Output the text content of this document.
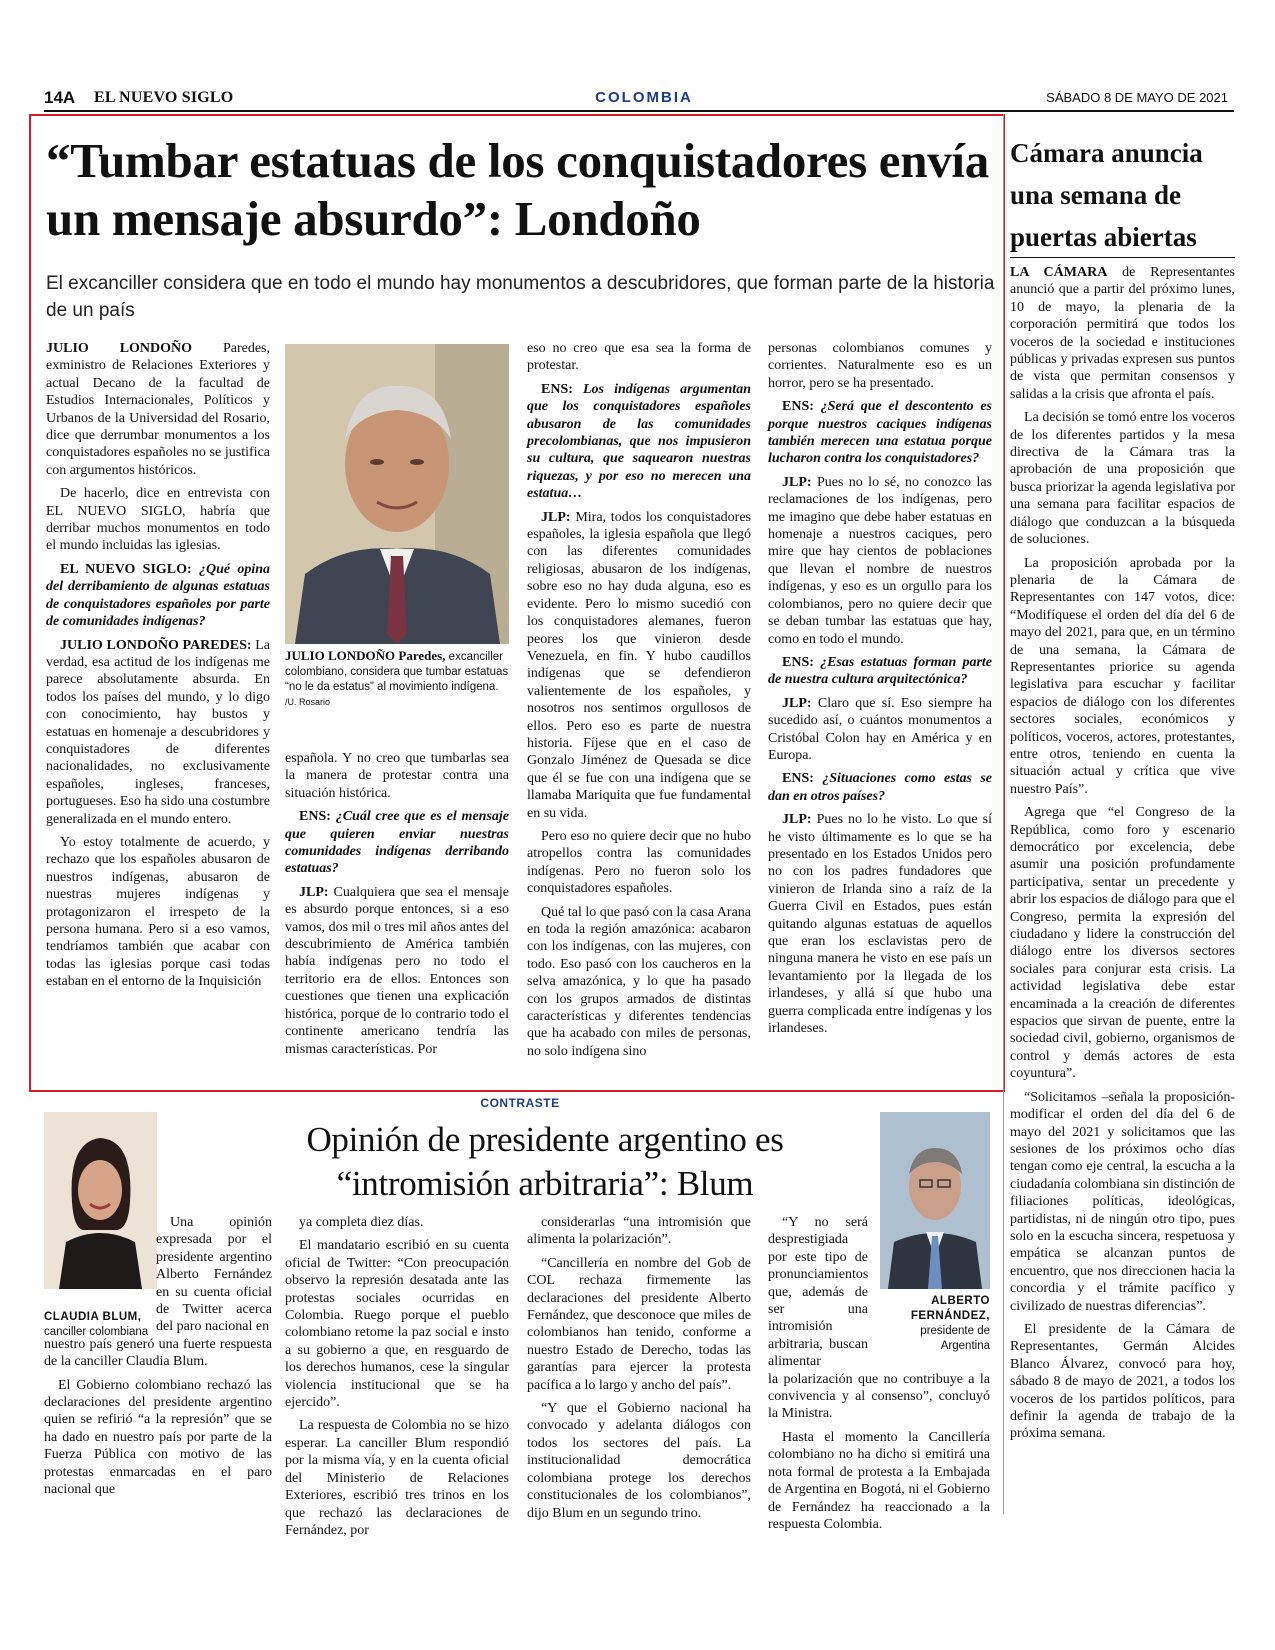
14A EL NUEVO SIGLO	COLOMBIA	SÁBADO 8 DE MAYO DE 2021
“Tumbar estatuas de los conquistadores envía un mensaje absurdo”: Londoño
El excanciller considera que en todo el mundo hay monumentos a descubridores, que forman parte de la historia de un país

JULIO LONDOÑO Paredes, exministro de Relaciones Exteriores y actual Decano de la facultad de Estudios Internacionales, Políticos y Urbanos de la Universidad del Rosario, dice que derrumbar monumentos a los conquistadores españoles no se justifica con argumentos históricos.

De hacerlo, dice en entrevista con EL NUEVO SIGLO, habría que derribar muchos monumentos en todo el mundo incluidas las iglesias.

EL NUEVO SIGLO: ¿Qué opina del derribamiento de algunas estatuas de conquistadores españoles por parte de comunidades indígenas?

JULIO LONDOÑO PAREDES: La verdad, esa actitud de los indígenas me parece absolutamente absurda. En todos los países del mundo, y lo digo con conocimiento, hay bustos y estatuas en homenaje a descubridores y conquistadores de diferentes nacionalidades, no exclusivamente españoles, ingleses, franceses, portugueses. Eso ha sido una costumbre generalizada en el mundo entero.

Yo estoy totalmente de acuerdo, y rechazo que los españoles abusaron de nuestros indígenas, abusaron de nuestras mujeres indígenas y protagonizaron el irrespeto de la persona humana. Pero si a eso vamos, tendríamos también que acabar con todas las iglesias porque casi todas estaban en el entorno de la Inquisición

JULIO LONDOÑO Paredes, excanciller colombiano, considera que tumbar estatuas “no le da estatus” al movimiento indígena. /U. Rosario

española. Y no creo que tumbarlas sea la manera de protestar contra una situación histórica.

ENS: ¿Cuál cree que es el mensaje que quieren enviar nuestras comunidades indígenas derribando estatuas?

JLP: Cualquiera que sea el mensaje es absurdo porque entonces, si a eso vamos, dos mil o tres mil años antes del descubrimiento de América también había indígenas pero no todo el territorio era de ellos. Entonces son cuestiones que tienen una explicación histórica, porque de lo contrario todo el continente americano tendría las mismas características. Por

eso no creo que esa sea la forma de protestar.

ENS: Los indígenas argumentan que los conquistadores españoles abusaron de las comunidades precolombianas, que nos impusieron su cultura, que saquearon nuestras riquezas, y por eso no merecen una estatua…

JLP: Mira, todos los conquistadores españoles, la iglesia española que llegó con las diferentes comunidades religiosas, abusaron de los indígenas, sobre eso no hay duda alguna, eso es evidente. Pero lo mismo sucedió con los conquistadores alemanes, fueron peores los que vinieron desde Venezuela, en fin. Y hubo caudillos indígenas que se defendieron valientemente de los españoles, y nosotros nos sentimos orgullosos de ellos. Pero eso es parte de nuestra historia. Fíjese que en el caso de Gonzalo Jiménez de Quesada se dice que él se fue con una indígena que se llamaba Mariquita que fue fundamental en su vida.

Pero eso no quiere decir que no hubo atropellos contra las comunidades indígenas. Pero no fueron solo los conquistadores españoles.

Qué tal lo que pasó con la casa Arana en toda la región amazónica: acabaron con los indígenas, con las mujeres, con todo. Eso pasó con los caucheros en la selva amazónica, y lo que ha pasado con los grupos armados de distintas características y diferentes tendencias que ha acabado con miles de personas, no solo indígena sino

personas colombianos comunes y corrientes. Naturalmente eso es un horror, pero se ha presentado.

ENS: ¿Será que el descontento es porque nuestros caciques indígenas también merecen una estatua porque lucharon contra los conquistadores?

JLP: Pues no lo sé, no conozco las reclamaciones de los indígenas, pero me imagino que debe haber estatuas en homenaje a nuestros caciques, pero mire que hay cientos de poblaciones que llevan el nombre de nuestros indígenas, y eso es un orgullo para los colombianos, pero no quiere decir que se deban tumbar las estatuas que hay, como en todo el mundo.

ENS: ¿Esas estatuas forman parte de nuestra cultura arquitectónica?

JLP: Claro que sí. Eso siempre ha sucedido así, o cuántos monumentos a Cristóbal Colon hay en América y en Europa.

ENS: ¿Situaciones como estas se dan en otros países?

JLP: Pues no lo he visto. Lo que sí he visto últimamente es lo que se ha presentado en los Estados Unidos pero no con los padres fundadores que vinieron de Irlanda sino a raíz de la Guerra Civil en Estados, pues están quitando algunas estatuas de aquellos que eran los esclavistas pero de ninguna manera he visto en ese país un levantamiento por la llegada de los irlandeses, y allá sí que hubo una guerra complicada entre indígenas y los irlandeses.

CONTRASTE
CLAUDIA BLUM, canciller colombiana
Opinión de presidente argentino es “intromisión arbitraria”: Blum
ALBERTO FERNÁNDEZ,
presidente de Argentina

Una opinión expresada por el presidente argentino Alberto Fernández en su cuenta oficial de Twitter acerca del paro nacional en

nuestro país generó una fuerte respuesta de la canciller Claudia Blum.

El Gobierno colombiano rechazó las declaraciones del presidente argentino quien se refirió “a la represión” que se ha dado en nuestro país por parte de la Fuerza Pública con motivo de las protestas enmarcadas en el paro nacional que

ya completa diez días.

El mandatario escribió en su cuenta oficial de Twitter: “Con preocupación observo la represión desatada ante las protestas sociales ocurridas en Colombia. Ruego porque el pueblo colombiano retome la paz social e insto a su gobierno a que, en resguardo de los derechos humanos, cese la singular violencia institucional que se ha ejercido”.

La respuesta de Colombia no se hizo esperar. La canciller Blum respondió por la misma vía, y en la cuenta oficial del Ministerio de Relaciones Exteriores, escribió tres trinos en los que rechazó las declaraciones de Fernández, por

considerarlas “una intromisión que alimenta la polarización”.

“Cancillería en nombre del Gob de COL rechaza firmemente las declaraciones del presidente Alberto Fernández, que desconoce que miles de colombianos han tenido, conforme a nuestro Estado de Derecho, todas las garantías para ejercer la protesta pacífica a lo largo y ancho del país”.

“Y que el Gobierno nacional ha convocado y adelanta diálogos con todos los sectores del país. La institucionalidad democrática colombiana protege los derechos constitucionales de los colombianos”, dijo Blum en un segundo trino.

“Y no será desprestigiada por este tipo de pronunciamientos que, además de ser una intromisión arbitraria, buscan alimentar

la polarización que no contribuye a la convivencia y al consenso”, concluyó la Ministra.

Hasta el momento la Cancillería colombiano no ha dicho si emitirá una nota formal de protesta a la Embajada de Argentina en Bogotá, ni el Gobierno de Fernández ha reaccionado a la respuesta Colombia.

Cámara anuncia una semana de puertas abiertas

LA CÁMARA de Representantes anunció que a partir del próximo lunes, 10 de mayo, la plenaria de la corporación permitirá que todos los voceros de la sociedad e instituciones públicas y privadas expresen sus puntos de vista que permitan consensos y salidas a la crisis que afronta el país.

La decisión se tomó entre los voceros de los diferentes partidos y la mesa directiva de la Cámara tras la aprobación de una proposición que busca priorizar la agenda legislativa por una semana para facilitar espacios de diálogo que conduzcan a la búsqueda de soluciones.

La proposición aprobada por la plenaria de la Cámara de Representantes con 147 votos, dice: “Modifíquese el orden del día del 6 de mayo del 2021, para que, en un término de una semana, la Cámara de Representantes priorice su agenda legislativa para escuchar y facilitar espacios de diálogo con los diferentes sectores sociales, económicos y políticos, voceros, actores, protestantes, entre otros, teniendo en cuenta la situación actual y crítica que vive nuestro País”.

Agrega que “el Congreso de la República, como foro y escenario democrático por excelencia, debe asumir una posición profundamente participativa, sentar un precedente y abrir los espacios de diálogo para que el Congreso, permita la expresión del ciudadano y lidere la construcción del diálogo entre los diversos sectores sociales para conjurar esta crisis. La actividad legislativa debe estar encaminada a la creación de diferentes espacios que sirvan de puente, entre la sociedad civil, gobierno, organismos de control y demás actores de esta coyuntura”.

“Solicitamos –señala la proposición- modificar el orden del día del 6 de mayo del 2021 y solicitamos que las sesiones de los próximos ocho días tengan como eje central, la escucha a la ciudadanía colombiana sin distinción de filiaciones políticas, ideológicas, partidistas, ni de ningún otro tipo, pues solo en la escucha sincera, respetuosa y empática se alcanzan puntos de encuentro, que nos direccionen hacia la concordia y el trámite pacífico y civilizado de nuestras diferencias”.

El presidente de la Cámara de Representantes, Germán Alcides Blanco Álvarez, convocó para hoy, sábado 8 de mayo de 2021, a todos los voceros de los partidos políticos, para definir la agenda de trabajo de la próxima semana.
